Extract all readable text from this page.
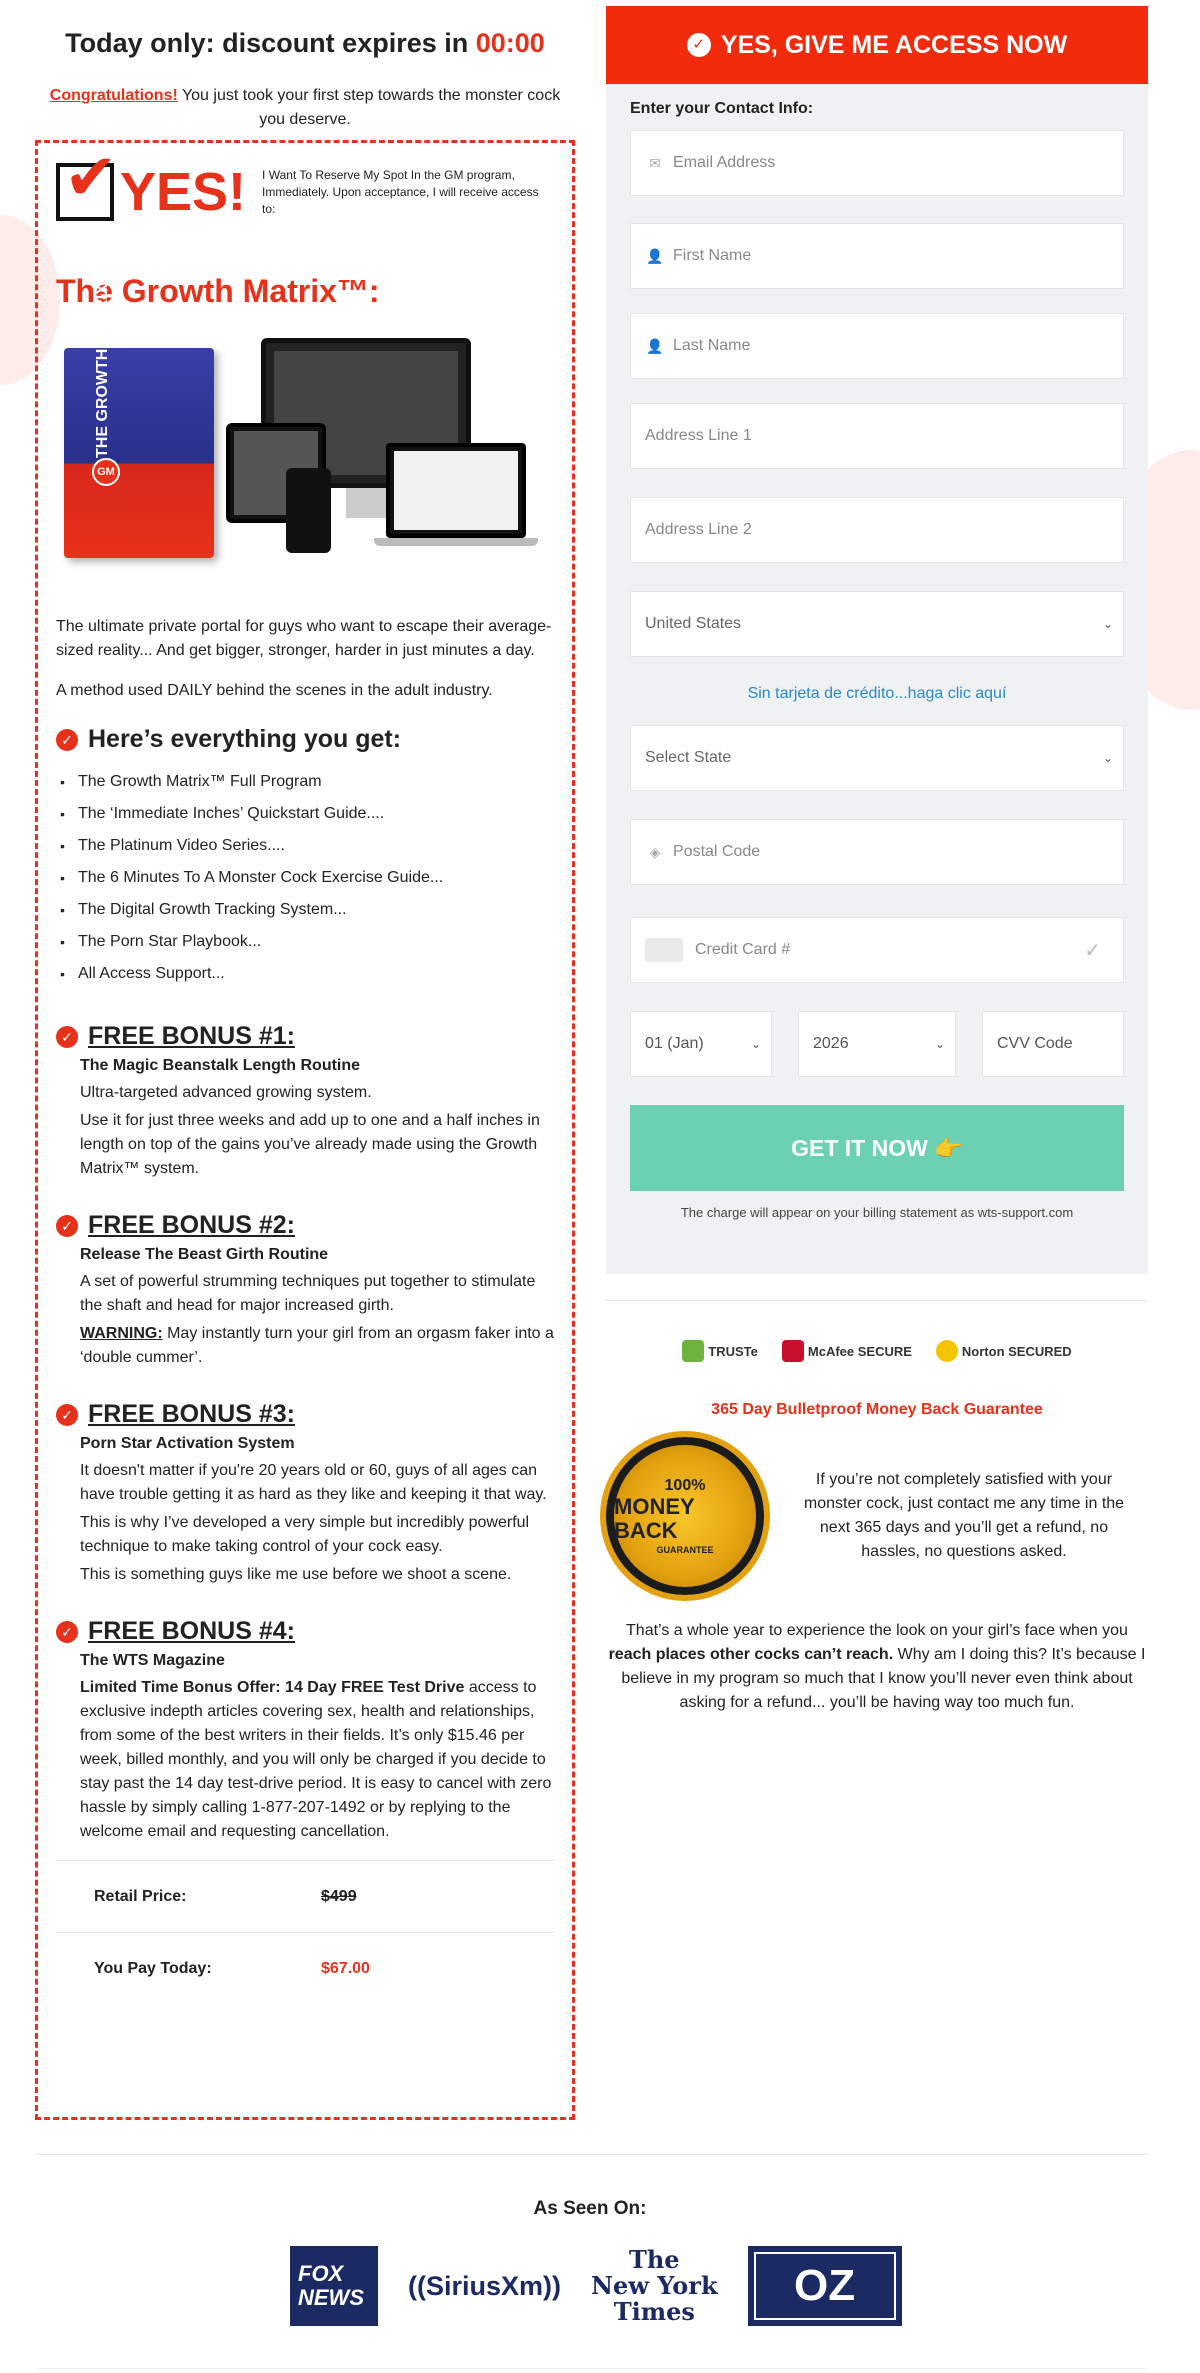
Today only: discount expires in 00:00
Congratulations! You just took your first step towards the monster cock you deserve.
✔ YES! I Want To Reserve My Spot In the GM program, Immediately. Upon acceptance, I will receive access to:
The Growth Matrix™:
THE GROWTH MATRIX
GM

The ultimate private portal for guys who want to escape their average-sized reality... And get bigger, stronger, harder in just minutes a day.

A method used DAILY behind the scenes in the adult industry.

✓ Here’s everything you get:
• The Growth Matrix™ Full Program
• The ‘Immediate Inches’ Quickstart Guide....
• The Platinum Video Series....
• The 6 Minutes To A Monster Cock Exercise Guide...
• The Digital Growth Tracking System...
• The Porn Star Playbook...
• All Access Support...
✓ FREE BONUS #1:
The Magic Beanstalk Length Routine

Ultra-targeted advanced growing system.

Use it for just three weeks and add up to one and a half inches in length on top of the gains you’ve already made using the Growth Matrix™ system.

✓ FREE BONUS #2:
Release The Beast Girth Routine

A set of powerful strumming techniques put together to stimulate the shaft and head for major increased girth.

WARNING: May instantly turn your girl from an orgasm faker into a ‘double cummer’.

✓ FREE BONUS #3:
Porn Star Activation System

It doesn't matter if you're 20 years old or 60, guys of all ages can have trouble getting it as hard as they like and keeping it that way.

This is why I’ve developed a very simple but incredibly powerful technique to make taking control of your cock easy.

This is something guys like me use before we shoot a scene.

✓ FREE BONUS #4:
The WTS Magazine

Limited Time Bonus Offer: 14 Day FREE Test Drive access to exclusive indepth articles covering sex, health and relationships, from some of the best writers in their fields. It’s only $15.46 per week, billed monthly, and you will only be charged if you decide to stay past the 14 day test-drive period. It is easy to cancel with zero hassle by simply calling 1-877-207-1492 or by replying to the welcome email and requesting cancellation.

Retail Price:	$499
You Pay Today:	$67.00
✓ YES, GIVE ME ACCESS NOW
Enter your Contact Info:
✉ Email Address
👤 First Name
👤 Last Name
Address Line 1
Address Line 2
United States	⌄
Sin tarjeta de crédito...haga clic aquí
Select State	⌄
◈ Postal Code
Credit Card #	✓
01 (Jan)	⌄	2026	⌄	CVV Code
GET IT NOW 👉
The charge will appear on your billing statement as wts-support.com
TRUSTe	McAfee SECURE	Norton SECURED
365 Day Bulletproof Money Back Guarantee
100%
MONEY BACK
GUARANTEE
If you’re not completely satisfied with your monster cock, just contact me any time in the next 365 days and you’ll get a refund, no hassles, no questions asked.

That’s a whole year to experience the look on your girl’s face when you reach places other cocks can’t reach. Why am I doing this? It’s because I believe in my program so much that I know you’ll never even think about asking for a refund... you’ll be having way too much fun.

As Seen On:
FOX
NEWS	((SiriusXm))
The
New York
Times
OZ
